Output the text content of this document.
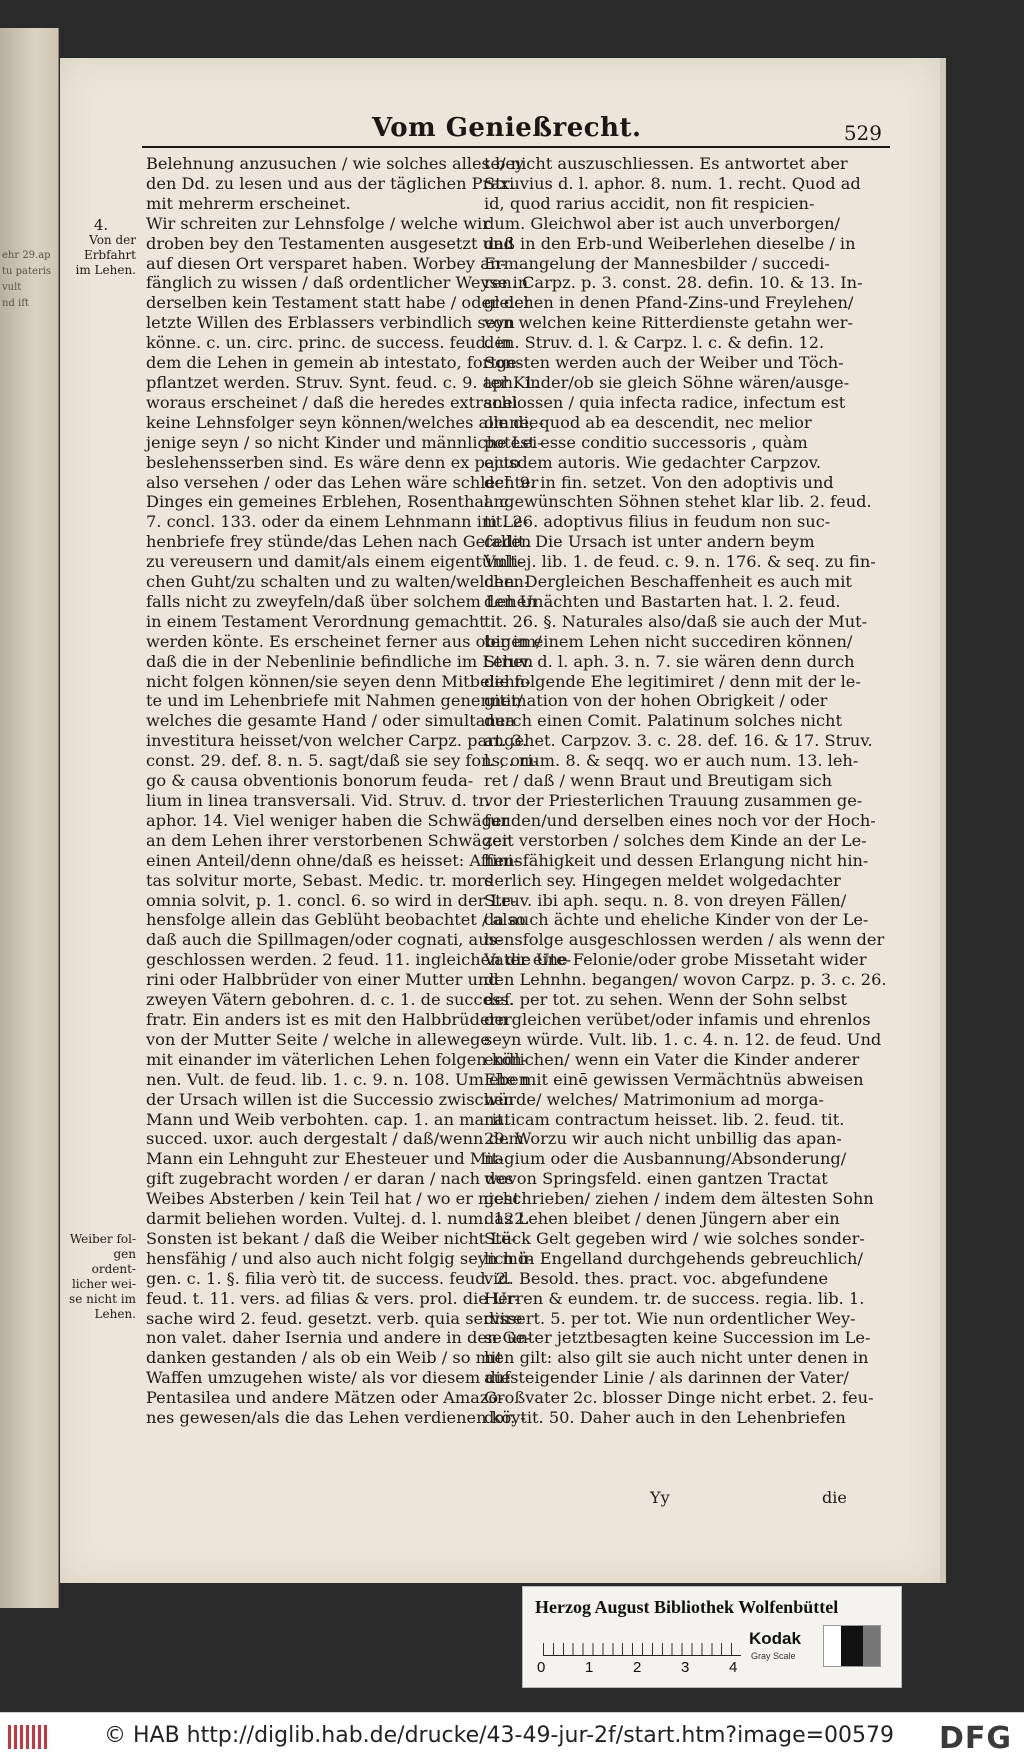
ehr 29.ap
tu pateris
vult
nd ift
Vom Genießrecht.	529
4.
Von der
Erbfahrt
im Lehen.
Weiber fol-
gen ordent-
licher wei-
se nicht im
Lehen.
Belehnung anzusuchen / wie solches alles bey
den Dd. zu lesen und aus der täglichen Praxi
mit mehrerm erscheinet.
Wir schreiten zur Lehnsfolge / welche wir
droben bey den Testamenten ausgesetzt und
auf diesen Ort versparet haben. Worbey an-
fänglich zu wissen / daß ordentlicher Weyse in
derselben kein Testament statt habe / oder der
letzte Willen des Erblassers verbindlich seyn
könne. c. un. circ. princ. de success. feud. in
dem die Lehen in gemein ab intestato, fortge-
pflantzet werden. Struv. Synt. feud. c. 9. aph. 1.
woraus erscheinet / daß die heredes extranei
keine Lehnsfolger seyn können/welches alle die-
jenige seyn / so nicht Kinder und männliche Lei-
beslehensserben sind. Es wäre denn ex pacto
also versehen / oder das Lehen wäre schlechter
Dinges ein gemeines Erblehen, Rosenthal. c.
7. concl. 133. oder da einem Lehnmann im Le-
henbriefe frey stünde/das Lehen nach Gefallen
zu vereusern und damit/als einem eigentümli-
chen Guht/zu schalten und zu walten/welchen-
falls nicht zu zweyfeln/daß über solchem Lehen
in einem Testament Verordnung gemacht
werden könte. Es erscheinet ferner aus obigem/
daß die in der Nebenlinie befindliche im Lehen
nicht folgen können/sie seyen denn Mitbelehn-
te und im Lehenbriefe mit Nahmen genennet/
welches die gesamte Hand / oder simultanea
investitura heisset/von welcher Carpz. part. 3.
const. 29. def. 8. n. 5. sagt/daß sie sey fons, ori-
go & causa obventionis bonorum feuda-
lium in linea transversali. Vid. Struv. d. tr.
aphor. 14. Viel weniger haben die Schwäger
an dem Lehen ihrer verstorbenen Schwäger
einen Anteil/denn ohne/daß es heisset: Affini-
tas solvitur morte, Sebast. Medic. tr. mors
omnia solvit, p. 1. concl. 6. so wird in der Le-
hensfolge allein das Geblüht beobachtet / also
daß auch die Spillmagen/oder cognati, aus-
geschlossen werden. 2 feud. 11. ingleichen die Ute-
rini oder Halbbrüder von einer Mutter und
zweyen Vätern gebohren. d. c. 1. de success.
fratr. Ein anders ist es mit den Halbbrüdern
von der Mutter Seite / welche in allewege
mit einander im väterlichen Lehen folgen kön-
nen. Vult. de feud. lib. 1. c. 9. n. 108. Um eben
der Ursach willen ist die Successio zwischen
Mann und Weib verbohten. cap. 1. an marit.
succed. uxor. auch dergestalt / daß/wenn dem
Mann ein Lehnguht zur Ehesteuer und Mit-
gift zugebracht worden / er daran / nach des
Weibes Absterben / kein Teil hat / wo er nicht
darmit beliehen worden. Vultej. d. l. num. 122.
Sonsten ist bekant / daß die Weiber nicht Le-
hensfähig / und also auch nicht folgig seyn mö-
gen. c. 1. §. filia verò tit. de success. feud. 2.
feud. t. 11. vers. ad filias & vers. prol. die Ur-
sache wird 2. feud. gesetzt. verb. quia servire
non valet. daher Isernia und andere in den Ge-
danken gestanden / als ob ein Weib / so mit
Waffen umzugehen wiste/ als vor diesem die
Pentasilea und andere Mätzen oder Amazo-
nes gewesen/als die das Lehen verdienen köy-
te/ nicht auszuschliessen. Es antwortet aber
Struvius d. l. aphor. 8. num. 1. recht. Quod ad
id, quod rarius accidit, non fit respicien-
dum. Gleichwol aber ist auch unverborgen/
daß in den Erb-und Weiberlehen dieselbe / in
Ermangelung der Mannesbilder / succedi-
ren. Carpz. p. 3. const. 28. defin. 10. & 13. In-
gleichen in denen Pfand-Zins-und Freylehen/
von welchen keine Ritterdienste getahn wer-
den. Struv. d. l. & Carpz. l. c. & defin. 12.
Sonsten werden auch der Weiber und Töch-
ter Kinder/ob sie gleich Söhne wären/ausge-
schlossen / quia infecta radice, infectum est
omne, quod ab ea descendit, nec melior
potest esse conditio successoris , quàm
ejusdem autoris. Wie gedachter Carpzov.
def. 9. in fin. setzet. Von den adoptivis und
angewünschten Söhnen stehet klar lib. 2. feud.
tit. 26. adoptivus filius in feudum non suc-
cedit. Die Ursach ist unter andern beym
Vultej. lib. 1. de feud. c. 9. n. 176. & seq. zu fin-
den. Dergleichen Beschaffenheit es auch mit
den Unächten und Bastarten hat. l. 2. feud.
tit. 26. §. Naturales also/daß sie auch der Mut-
ter in einem Lehen nicht succediren können/
Struv. d. l. aph. 3. n. 7. sie wären denn durch
die folgende Ehe legitimiret / denn mit der le-
gitimation von der hohen Obrigkeit / oder
durch einen Comit. Palatinum solches nicht
angehet. Carpzov. 3. c. 28. def. 16. & 17. Struv.
l. c. num. 8. & seqq. wo er auch num. 13. leh-
ret / daß / wenn Braut und Breutigam sich
vor der Priesterlichen Trauung zusammen ge-
funden/und derselben eines noch vor der Hoch-
zeit verstorben / solches dem Kinde an der Le-
hensfähigkeit und dessen Erlangung nicht hin-
derlich sey. Hingegen meldet wolgedachter
Struv. ibi aph. sequ. n. 8. von dreyen Fällen/
da auch ächte und eheliche Kinder von der Le-
hensfolge ausgeschlossen werden / als wenn der
Vater eine Felonie/oder grobe Missetaht wider
den Lehnhn. begangen/ wovon Carpz. p. 3. c. 26.
def. per tot. zu sehen. Wenn der Sohn selbst
dergleichen verübet/oder infamis und ehrenlos
seyn würde. Vult. lib. 1. c. 4. n. 12. de feud. Und
endlichen/ wenn ein Vater die Kinder anderer
Ehe mit einē gewissen Vermächtnüs abweisen
würde/ welches/ Matrimonium ad morga-
naticam contractum heisset. lib. 2. feud. tit.
29. Worzu wir auch nicht unbillig das apan-
nagium oder die Ausbannung/Absonderung/
wovon Springsfeld. einen gantzen Tractat
geschrieben/ ziehen / indem dem ältesten Sohn
das Lehen bleibet / denen Jüngern aber ein
Stück Gelt gegeben wird / wie solches sonder-
lich in Engelland durchgehends gebreuchlich/
vid. Besold. thes. pract. voc. abgefundene
Herren & eundem. tr. de success. regia. lib. 1.
dissert. 5. per tot. Wie nun ordentlicher Wey-
se unter jetztbesagten keine Succession im Le-
hen gilt: also gilt sie auch nicht unter denen in
aufsteigender Linie / als darinnen der Vater/
Großvater 2c. blosser Dinge nicht erbet. 2. feu-
dor. tit. 50. Daher auch in den Lehenbriefen
Yy	die
Herzog August Bibliothek Wolfenbüttel
0	1	2	3	4
Kodak
Gray Scale
© HAB http://diglib.hab.de/drucke/43-49-jur-2f/start.htm?image=00579 DFG
